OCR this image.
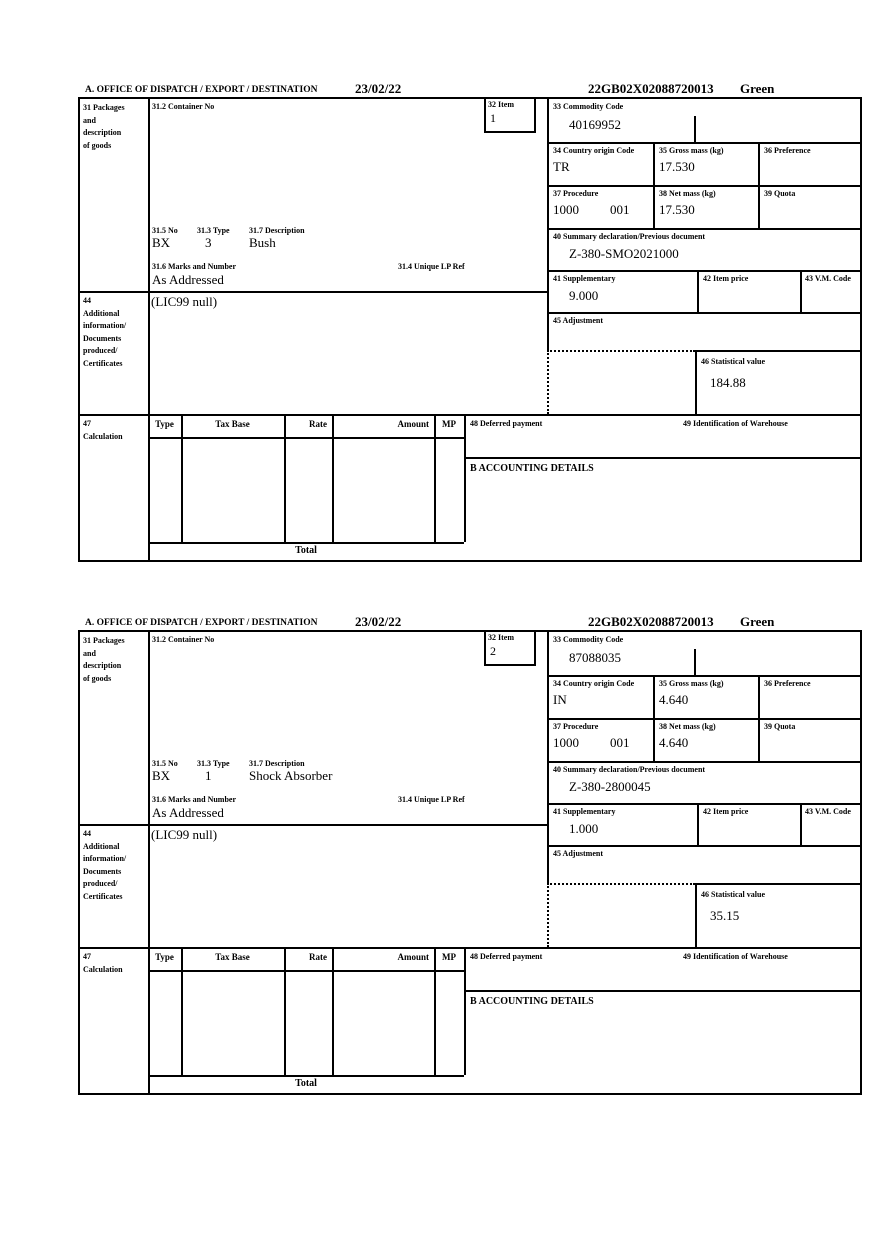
A. OFFICE OF DISPATCH / EXPORT / DESTINATION	23/02/22	22GB02X02088720013 Green
31 Packages
and
description
of goods
31.2 Container No	32 Item
1
33 Commodity Code
40169952
34 Country origin Code
TR
35 Gross mass (kg)
17.530
36 Preference
37 Procedure
1000 001
38 Net mass (kg)
17.530
39 Quota
40 Summary declaration/Previous document
Z-380-SMO2021000
41 Supplementary
9.000
42 Item price	43 V.M. Code
45 Adjustment
46 Statistical value
184.88
31.5 No 31.3 Type 31.7 Description
BX	3	Bush
31.6 Marks and Number	31.4 Unique LP Ref
As Addressed
44
Additional
information/
Documents
produced/
Certificates
(LIC99 null)
47
Calculation
Type	Tax Base	Rate	Amount	MP
Total
48 Deferred payment	49 Identification of Warehouse
B ACCOUNTING DETAILS
A. OFFICE OF DISPATCH / EXPORT / DESTINATION	23/02/22	22GB02X02088720013 Green
31 Packages
and
description
of goods
31.2 Container No	32 Item
2
33 Commodity Code
87088035
34 Country origin Code
IN
35 Gross mass (kg)
4.640
36 Preference
37 Procedure
1000 001
38 Net mass (kg)
4.640
39 Quota
40 Summary declaration/Previous document
Z-380-2800045
41 Supplementary
1.000
42 Item price	43 V.M. Code
45 Adjustment
46 Statistical value
35.15
31.5 No 31.3 Type 31.7 Description
BX	1	Shock Absorber
31.6 Marks and Number	31.4 Unique LP Ref
As Addressed
44
Additional
information/
Documents
produced/
Certificates
(LIC99 null)
47
Calculation
Type	Tax Base	Rate	Amount	MP
Total
48 Deferred payment	49 Identification of Warehouse
B ACCOUNTING DETAILS
